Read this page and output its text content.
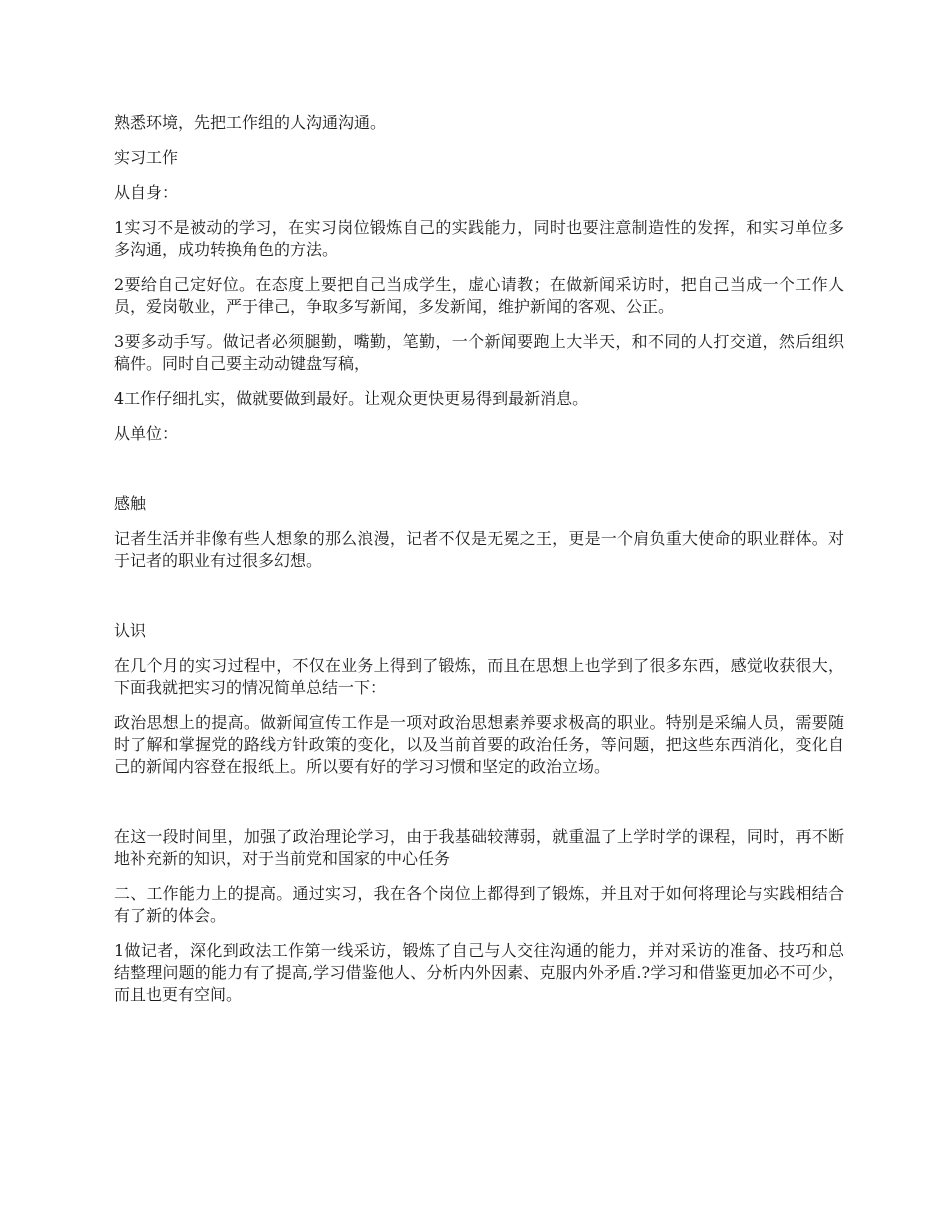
熟悉环境，先把工作组的人沟通沟通。

实习工作

从自身：

1实习不是被动的学习，在实习岗位锻炼自己的实践能力，同时也要注意制造性的发挥，和实习单位多多沟通，成功转换角色的方法。

2要给自己定好位。在态度上要把自己当成学生，虚心请教；在做新闻采访时，把自己当成一个工作人员，爱岗敬业，严于律己，争取多写新闻，多发新闻，维护新闻的客观、公正。

3要多动手写。做记者必须腿勤，嘴勤，笔勤，一个新闻要跑上大半天，和不同的人打交道，然后组织稿件。同时自己要主动动键盘写稿，

4工作仔细扎实，做就要做到最好。让观众更快更易得到最新消息。

从单位：

感触

记者生活并非像有些人想象的那么浪漫，记者不仅是无冕之王，更是一个肩负重大使命的职业群体。对于记者的职业有过很多幻想。

认识

在几个月的实习过程中，不仅在业务上得到了锻炼，而且在思想上也学到了很多东西，感觉收获很大，下面我就把实习的情况简单总结一下：

政治思想上的提高。做新闻宣传工作是一项对政治思想素养要求极高的职业。特别是采编人员，需要随时了解和掌握党的路线方针政策的变化，以及当前首要的政治任务，等问题，把这些东西消化，变化自己的新闻内容登在报纸上。所以要有好的学习习惯和坚定的政治立场。

在这一段时间里，加强了政治理论学习，由于我基础较薄弱，就重温了上学时学的课程，同时，再不断地补充新的知识，对于当前党和国家的中心任务

二、工作能力上的提高。通过实习，我在各个岗位上都得到了锻炼，并且对于如何将理论与实践相结合有了新的体会。

1做记者，深化到政法工作第一线采访，锻炼了自己与人交往沟通的能力，并对采访的准备、技巧和总结整理问题的能力有了提高,学习借鉴他人、分析内外因素、克服内外矛盾.?学习和借鉴更加必不可少，而且也更有空间。
